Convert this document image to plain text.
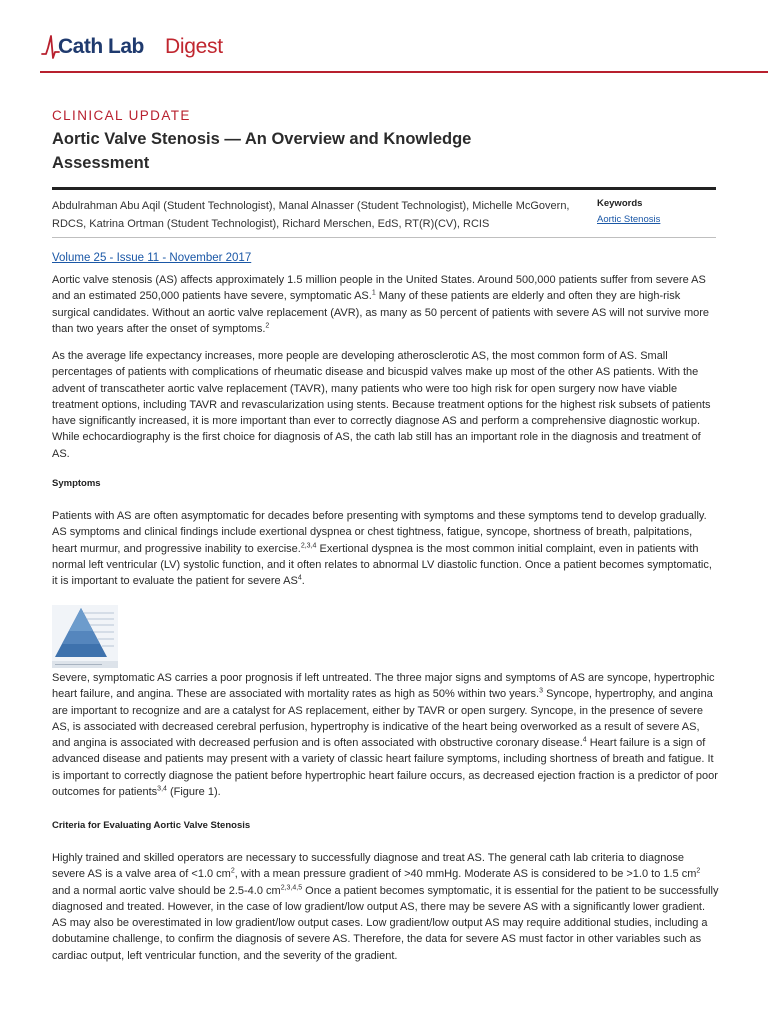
Cath Lab Digest
CLINICAL UPDATE
Aortic Valve Stenosis — An Overview and Knowledge Assessment
Abdulrahman Abu Aqil (Student Technologist), Manal Alnasser (Student Technologist), Michelle McGovern, RDCS, Katrina Ortman (Student Technologist), Richard Merschen, EdS, RT(R)(CV), RCIS
Keywords
Aortic Stenosis
Volume 25 - Issue 11 - November 2017

Aortic valve stenosis (AS) affects approximately 1.5 million people in the United States. Around 500,000 patients suffer from severe AS and an estimated 250,000 patients have severe, symptomatic AS.$^1$ Many of these patients are elderly and often they are high-risk surgical candidates. Without an aortic valve replacement (AVR), as many as 50 percent of patients with severe AS will not survive more than two years after the onset of symptoms.$^2$

As the average life expectancy increases, more people are developing atherosclerotic AS, the most common form of AS. Small percentages of patients with complications of rheumatic disease and bicuspid valves make up most of the other AS patients. With the advent of transcatheter aortic valve replacement (TAVR), many patients who were too high risk for open surgery now have viable treatment options, including TAVR and revascularization using stents. Because treatment options for the highest risk subsets of patients have significantly increased, it is more important than ever to correctly diagnose AS and perform a comprehensive diagnostic workup. While echocardiography is the first choice for diagnosis of AS, the cath lab still has an important role in the diagnosis and treatment of AS.

Symptoms

Patients with AS are often asymptomatic for decades before presenting with symptoms and these symptoms tend to develop gradually. AS symptoms and clinical findings include exertional dyspnea or chest tightness, fatigue, syncope, shortness of breath, palpitations, heart murmur, and progressive inability to exercise.$^{2,3,4}$ Exertional dyspnea is the most common initial complaint, even in patients with normal left ventricular (LV) systolic function, and it often relates to abnormal LV diastolic function. Once a patient becomes symptomatic, it is important to evaluate the patient for severe $AS^4$.

Severe, symptomatic AS carries a poor prognosis if left untreated. The three major signs and symptoms of AS are syncope, hypertrophic heart failure, and angina. These are associated with mortality rates as high as 50% within two years.$^3$ Syncope, hypertrophy, and angina are important to recognize and are a catalyst for AS replacement, either by TAVR or open surgery. Syncope, in the presence of severe AS, is associated with decreased cerebral perfusion, hypertrophy is indicative of the heart being overworked as a result of severe AS, and angina is associated with decreased perfusion and is often associated with obstructive coronary disease.$^4$ Heart failure is a sign of advanced disease and patients may present with a variety of classic heart failure symptoms, including shortness of breath and fatigue. It is important to correctly diagnose the patient before hypertrophic heart failure occurs, as decreased ejection fraction is a predictor of poor outcomes for patients$^{3,4}$ (Figure 1).

Criteria for Evaluating Aortic Valve Stenosis

Highly trained and skilled operators are necessary to successfully diagnose and treat AS. The general cath lab criteria to diagnose severe AS is a valve area of <1.0 $cm^2$, with a mean pressure gradient of >40 mmHg. Moderate AS is considered to be >1.0 to 1.5 $cm^2$ and a normal aortic valve should be 2.5-4.0 cm$^{2,3,4,5}$ Once a patient becomes symptomatic, it is essential for the patient to be successfully diagnosed and treated. However, in the case of low gradient/low output AS, there may be severe AS with a significantly lower gradient. AS may also be overestimated in low gradient/low output cases. Low gradient/low output AS may require additional studies, including a dobutamine challenge, to confirm the diagnosis of severe AS. Therefore, the data for severe AS must factor in other variables such as cardiac output, left ventricular function, and the severity of the gradient.
